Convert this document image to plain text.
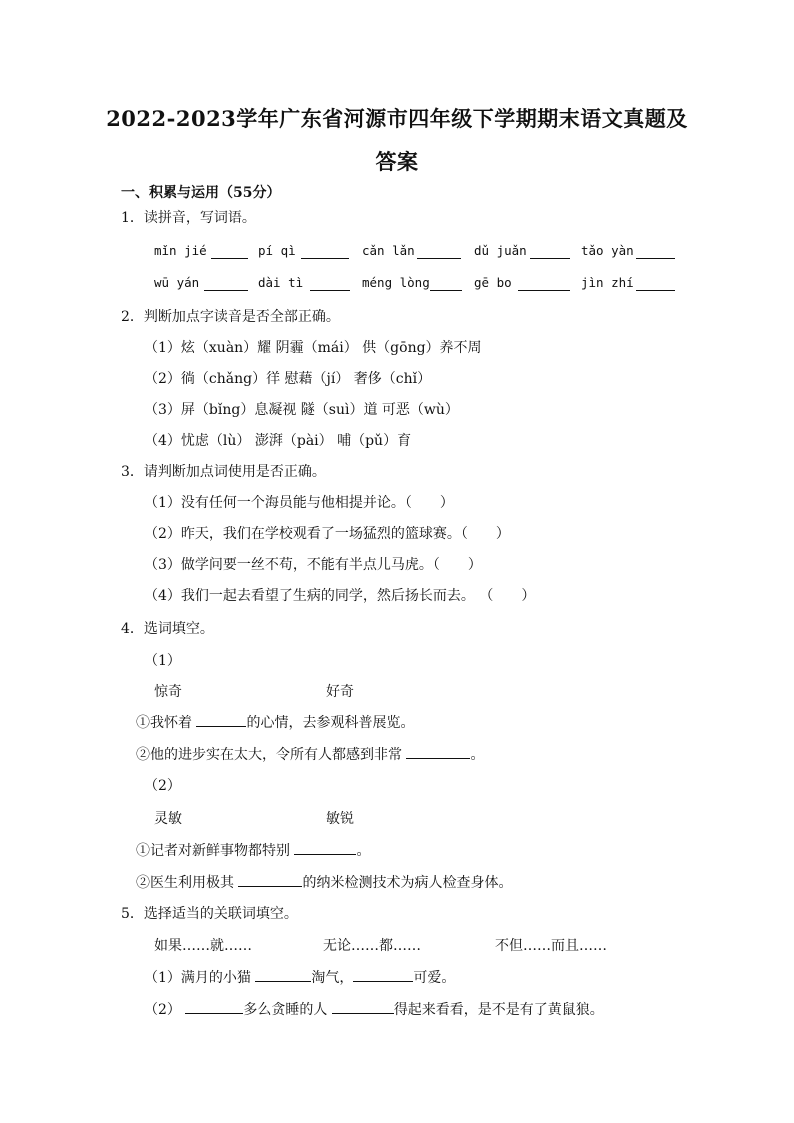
2022-2023学年广东省河源市四年级下学期期末语文真题及
答案
一、积累与运用（55分）
1．读拼音，写词语。
mǐn jié	pí qì	cǎn lǎn	dǔ juǎn	tǎo yàn
wū yán	dài tì	méng lòng	gē bo	jìn zhí
2．判断加点字读音是否全部正确。
（1）炫（xuàn）耀 阴霾（mái） 供（gōng）养不周
（2）徜（chǎng）徉 慰藉（jí） 奢侈（chǐ）
（3）屏（bǐng）息凝视 隧（suì）道 可恶（wù）
（4）忧虑（lù） 澎湃（pài） 哺（pǔ）育
3．请判断加点词使用是否正确。
（1）没有任何一个海员能与他相提并论。（　　）
（2）昨天，我们在学校观看了一场猛烈的篮球赛。（　　）
（3）做学问要一丝不苟，不能有半点儿马虎。（　　）
（4）我们一起去看望了生病的同学，然后扬长而去。 （　　）
4．选词填空。
（1）
惊奇	好奇
①我怀着	的心情，去参观科普展览。
②他的进步实在太大，令所有人都感到非常	。
（2）
灵敏	敏锐
①记者对新鲜事物都特别	。
②医生利用极其	的纳米检测技术为病人检查身体。
5．选择适当的关联词填空。
如果……就……	无论……都……	不但……而且……
（1）满月的小猫	淘气，	可爱。
（2）	多么贪睡的人	得起来看看，是不是有了黄鼠狼。
